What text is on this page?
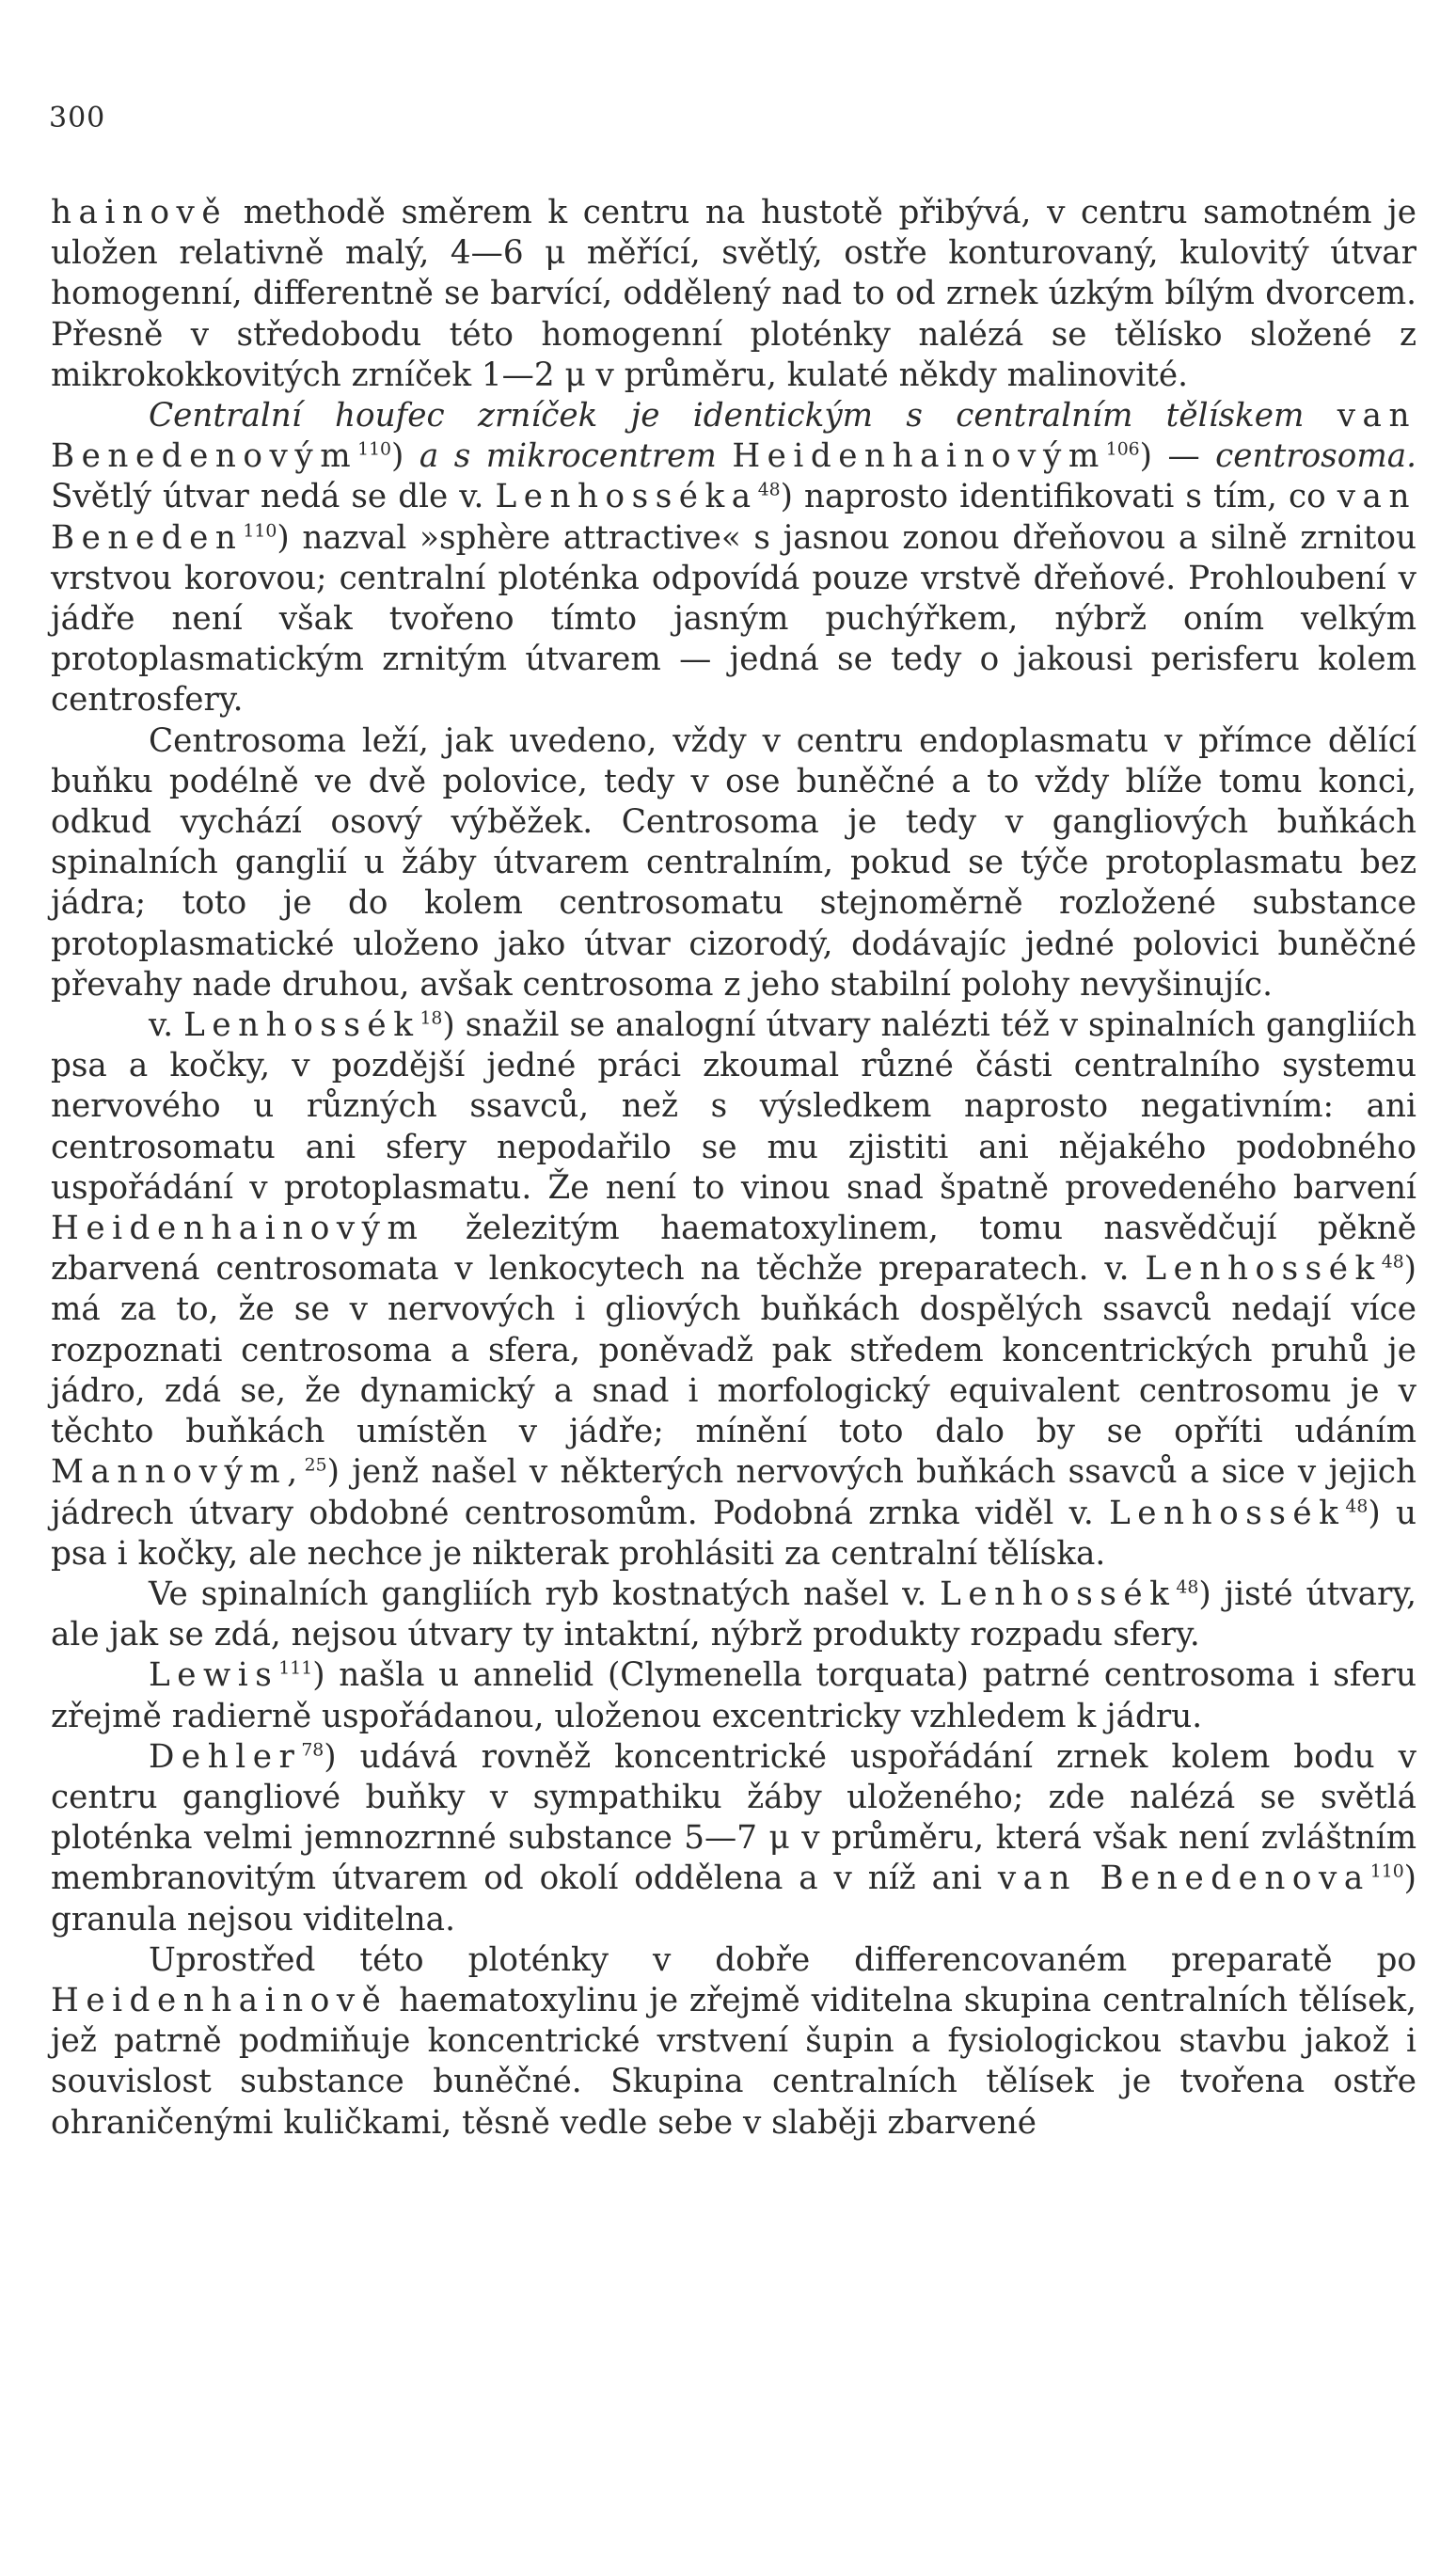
300

hainově methodě směrem k centru na hustotě přibývá, v centru samotném je uložen relativně malý, 4—6 μ měřící, světlý, ostře konturovaný, kulovitý útvar homogenní, differentně se barvící, oddělený nad to od zrnek úzkým bílým dvorcem. Přesně v středobodu této homogenní ploténky nalézá se tělísko složené z mikrokokkovitých zrníček 1—2 μ v průměru, kulaté někdy malinovité.

Centralní houfec zrníček je identickým s centralním tělískem van Benedenovým$^{110}$) a s mikrocentrem Heidenhainovým$^{106}$) — centrosoma. Světlý útvar nedá se dle v. Lenhosséka$^{48}$) naprosto identifikovati s tím, co van Beneden$^{110}$) nazval »sphère attractive« s jasnou zonou dřeňovou a silně zrnitou vrstvou korovou; centralní ploténka odpovídá pouze vrstvě dřeňové. Prohloubení v jádře není však tvořeno tímto jasným puchýřkem, nýbrž oním velkým protoplasmatickým zrnitým útvarem — jedná se tedy o jakousi perisferu kolem centrosfery.

Centrosoma leží, jak uvedeno, vždy v centru endoplasmatu v přímce dělící buňku podélně ve dvě polovice, tedy v ose buněčné a to vždy blíže tomu konci, odkud vychází osový výběžek. Centrosoma je tedy v gangliových buňkách spinalních ganglií u žáby útvarem centralním, pokud se týče protoplasmatu bez jádra; toto je do kolem centrosomatu stejnoměrně rozložené substance protoplasmatické uloženo jako útvar cizorodý, dodávajíc jedné polovici buněčné převahy nade druhou, avšak centrosoma z jeho stabilní polohy nevyšinujíc.

v. Lenhossék$^{18}$) snažil se analogní útvary nalézti též v spinalních gangliích psa a kočky, v pozdější jedné práci zkoumal různé části centralního systemu nervového u různých ssavců, než s výsledkem naprosto negativním: ani centrosomatu ani sfery nepodařilo se mu zjistiti ani nějakého podobného uspořádání v protoplasmatu. Že není to vinou snad špatně provedeného barvení Heidenhainovým železitým haematoxylinem, tomu nasvědčují pěkně zbarvená centrosomata v lenkocytech na těchže preparatech. v. Lenhossék$^{48}$) má za to, že se v nervových i gliových buňkách dospělých ssavců nedají více rozpoznati centrosoma a sfera, poněvadž pak středem koncentrických pruhů je jádro, zdá se, že dynamický a snad i morfologický equivalent centrosomu je v těchto buňkách umístěn v jádře; mínění toto dalo by se opříti udáním Mannovým,$^{25}$) jenž našel v některých nervových buňkách ssavců a sice v jejich jádrech útvary obdobné centrosomům. Podobná zrnka viděl v. Lenhossék$^{48}$) u psa i kočky, ale nechce je nikterak prohlásiti za centralní tělíska.

Ve spinalních gangliích ryb kostnatých našel v. Lenhossék$^{48}$) jisté útvary, ale jak se zdá, nejsou útvary ty intaktní, nýbrž produkty rozpadu sfery.

Lewis$^{111}$) našla u annelid (Clymenella torquata) patrné centrosoma i sferu zřejmě radierně uspořádanou, uloženou excentricky vzhledem k jádru.

Dehler$^{78}$) udává rovněž koncentrické uspořádání zrnek kolem bodu v centru gangliové buňky v sympathiku žáby uloženého; zde nalézá se světlá ploténka velmi jemnozrnné substance 5—7 μ v průměru, která však není zvláštním membranovitým útvarem od okolí oddělena a v níž ani van Benedenova$^{110}$) granula nejsou viditelna.

Uprostřed této ploténky v dobře differencovaném preparatě po Heidenhainově haematoxylinu je zřejmě viditelna skupina centralních tělísek, jež patrně podmiňuje koncentrické vrstvení šupin a fysiologickou stavbu jakož i souvislost substance buněčné. Skupina centralních tělísek je tvořena ostře ohraničenými kuličkami, těsně vedle sebe v slaběji zbarvené
